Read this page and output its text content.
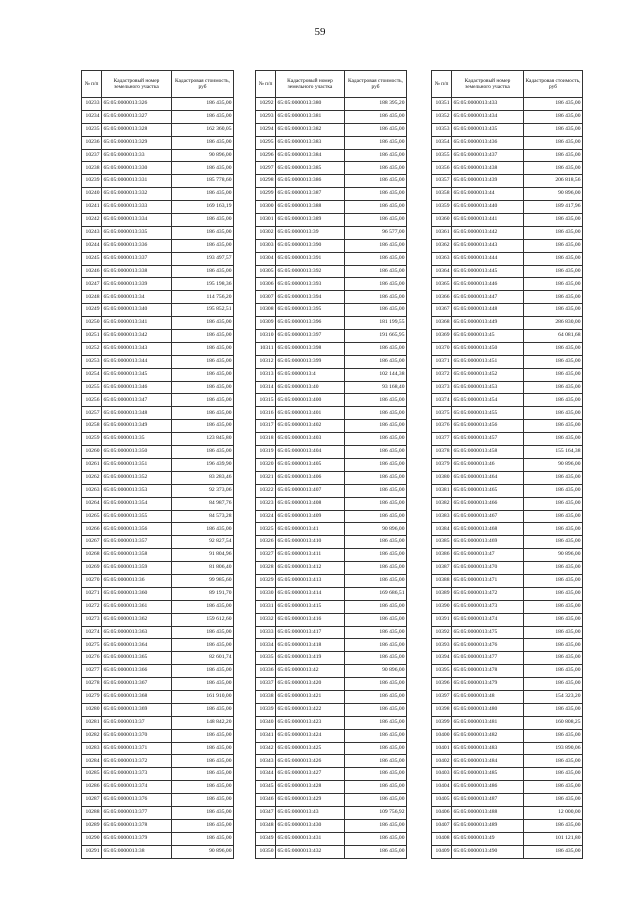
59
№ п/п	Кадастровый номер земельного участка	Кадастровая стоимость, руб
10233	65:05:0000013:326	186 435,00
10234	65:05:0000013:327	186 435,00
10235	65:05:0000013:328	162 360,05
10236	65:05:0000013:329	186 435,00
10237	65:05:0000013:33	90 896,00
10238	65:05:0000013:330	186 435,00
10239	65:05:0000013:331	185 778,60
10240	65:05:0000013:332	186 435,00
10241	65:05:0000013:333	169 163,19
10242	65:05:0000013:334	186 435,00
10243	65:05:0000013:335	186 435,00
10244	65:05:0000013:336	186 435,00
10245	65:05:0000013:337	193 497,57
10246	65:05:0000013:338	186 435,00
10247	65:05:0000013:339	195 198,36
10248	65:05:0000013:34	114 756,20
10249	65:05:0000013:340	195 852,51
10250	65:05:0000013:341	186 435,00
10251	65:05:0000013:342	186 435,00
10252	65:05:0000013:343	186 435,00
10253	65:05:0000013:344	186 435,00
10254	65:05:0000013:345	186 435,00
10255	65:05:0000013:346	186 435,00
10256	65:05:0000013:347	186 435,00
10257	65:05:0000013:348	186 435,00
10258	65:05:0000013:349	186 435,00
10259	65:05:0000013:35	123 845,80
10260	65:05:0000013:350	186 435,00
10261	65:05:0000013:351	196 439,90
10262	65:05:0000013:352	83 283,46
10263	65:05:0000013:353	92 373,06
10264	65:05:0000013:354	84 987,76
10265	65:05:0000013:355	84 573,28
10266	65:05:0000013:356	186 435,00
10267	65:05:0000013:357	92 827,54
10268	65:05:0000013:358	91 804,96
10269	65:05:0000013:359	81 806,40
10270	65:05:0000013:36	99 985,60
10271	65:05:0000013:360	89 191,70
10272	65:05:0000013:361	186 435,00
10273	65:05:0000013:362	159 612,60
10274	65:05:0000013:363	186 435,00
10275	65:05:0000013:364	186 435,00
10276	65:05:0000013:365	82 601,74
10277	65:05:0000013:366	186 435,00
10278	65:05:0000013:367	186 435,00
10279	65:05:0000013:368	161 910,00
10280	65:05:0000013:369	186 435,00
10281	65:05:0000013:37	148 842,20
10282	65:05:0000013:370	186 435,00
10283	65:05:0000013:371	186 435,00
10284	65:05:0000013:372	186 435,00
10285	65:05:0000013:373	186 435,00
10286	65:05:0000013:374	186 435,00
10287	65:05:0000013:376	186 435,00
10288	65:05:0000013:377	186 435,00
10289	65:05:0000013:378	186 435,00
10290	65:05:0000013:379	186 435,00
10291	65:05:0000013:38	90 896,00
№ п/п	Кадастровый номер земельного участка	Кадастровая стоимость, руб
10292	65:05:0000013:380	188 395,20
10293	65:05:0000013:381	186 435,00
10294	65:05:0000013:382	186 435,00
10295	65:05:0000013:383	186 435,00
10296	65:05:0000013:384	186 435,00
10297	65:05:0000013:385	186 435,00
10298	65:05:0000013:386	186 435,00
10299	65:05:0000013:387	186 435,00
10300	65:05:0000013:388	186 435,00
10301	65:05:0000013:389	186 435,00
10302	65:05:0000013:39	96 577,00
10303	65:05:0000013:390	186 435,00
10304	65:05:0000013:391	186 435,00
10305	65:05:0000013:392	186 435,00
10306	65:05:0000013:393	186 435,00
10307	65:05:0000013:394	186 435,00
10308	65:05:0000013:395	186 435,00
10309	65:05:0000013:396	181 199,55
10310	65:05:0000013:397	191 665,95
10311	65:05:0000013:398	186 435,00
10312	65:05:0000013:399	186 435,00
10313	65:05:0000013:4	102 144,38
10314	65:05:0000013:40	93 168,40
10315	65:05:0000013:400	186 435,00
10316	65:05:0000013:401	186 435,00
10317	65:05:0000013:402	186 435,00
10318	65:05:0000013:403	186 435,00
10319	65:05:0000013:404	186 435,00
10320	65:05:0000013:405	186 435,00
10321	65:05:0000013:406	186 435,00
10322	65:05:0000013:407	186 435,00
10323	65:05:0000013:408	186 435,00
10324	65:05:0000013:409	186 435,00
10325	65:05:0000013:41	90 896,00
10326	65:05:0000013:410	186 435,00
10327	65:05:0000013:411	186 435,00
10328	65:05:0000013:412	186 435,00
10329	65:05:0000013:413	186 435,00
10330	65:05:0000013:414	169 686,51
10331	65:05:0000013:415	186 435,00
10332	65:05:0000013:416	186 435,00
10333	65:05:0000013:417	186 435,00
10334	65:05:0000013:418	186 435,00
10335	65:05:0000013:419	186 435,00
10336	65:05:0000013:42	90 896,00
10337	65:05:0000013:420	186 435,00
10338	65:05:0000013:421	186 435,00
10339	65:05:0000013:422	186 435,00
10340	65:05:0000013:423	186 435,00
10341	65:05:0000013:424	186 435,00
10342	65:05:0000013:425	186 435,00
10343	65:05:0000013:426	186 435,00
10344	65:05:0000013:427	186 435,00
10345	65:05:0000013:428	186 435,00
10346	65:05:0000013:429	186 435,00
10347	65:05:0000013:43	109 756,92
10348	65:05:0000013:430	186 435,00
10349	65:05:0000013:431	186 435,00
10350	65:05:0000013:432	186 435,00
№ п/п	Кадастровый номер земельного участка	Кадастровая стоимость, руб
10351	65:05:0000013:433	186 435,00
10352	65:05:0000013:434	186 435,00
10353	65:05:0000013:435	186 435,00
10354	65:05:0000013:436	186 435,00
10355	65:05:0000013:437	186 435,00
10356	65:05:0000013:438	186 435,00
10357	65:05:0000013:439	206 818,56
10358	65:05:0000013:44	90 896,00
10359	65:05:0000013:440	189 417,96
10360	65:05:0000013:441	186 435,00
10361	65:05:0000013:442	186 435,00
10362	65:05:0000013:443	186 435,00
10363	65:05:0000013:444	186 435,00
10364	65:05:0000013:445	186 435,00
10365	65:05:0000013:446	186 435,00
10366	65:05:0000013:447	186 435,00
10367	65:05:0000013:448	186 435,00
10368	65:05:0000013:449	286 830,00
10369	65:05:0000013:45	64 081,68
10370	65:05:0000013:450	186 435,00
10371	65:05:0000013:451	186 435,00
10372	65:05:0000013:452	186 435,00
10373	65:05:0000013:453	186 435,00
10374	65:05:0000013:454	186 435,00
10375	65:05:0000013:455	186 435,00
10376	65:05:0000013:456	186 435,00
10377	65:05:0000013:457	186 435,00
10378	65:05:0000013:458	155 164,38
10379	65:05:0000013:46	90 896,00
10380	65:05:0000013:464	186 435,00
10381	65:05:0000013:465	186 435,00
10382	65:05:0000013:466	186 435,00
10383	65:05:0000013:467	186 435,00
10384	65:05:0000013:468	186 435,00
10385	65:05:0000013:469	186 435,00
10386	65:05:0000013:47	90 896,00
10387	65:05:0000013:470	186 435,00
10388	65:05:0000013:471	186 435,00
10389	65:05:0000013:472	186 435,00
10390	65:05:0000013:473	186 435,00
10391	65:05:0000013:474	186 435,00
10392	65:05:0000013:475	186 435,00
10393	65:05:0000013:476	186 435,00
10394	65:05:0000013:477	186 435,00
10395	65:05:0000013:478	186 435,00
10396	65:05:0000013:479	186 435,00
10397	65:05:0000013:48	154 323,20
10398	65:05:0000013:480	186 435,00
10399	65:05:0000013:481	160 808,25
10400	65:05:0000013:482	186 435,00
10401	65:05:0000013:483	193 890,06
10402	65:05:0000013:484	186 435,00
10403	65:05:0000013:485	186 435,00
10404	65:05:0000013:486	186 435,00
10405	65:05:0000013:487	186 435,00
10406	65:05:0000013:488	12 000,00
10407	65:05:0000013:489	186 435,00
10408	65:05:0000013:49	101 121,80
10409	65:05:0000013:490	186 435,00
